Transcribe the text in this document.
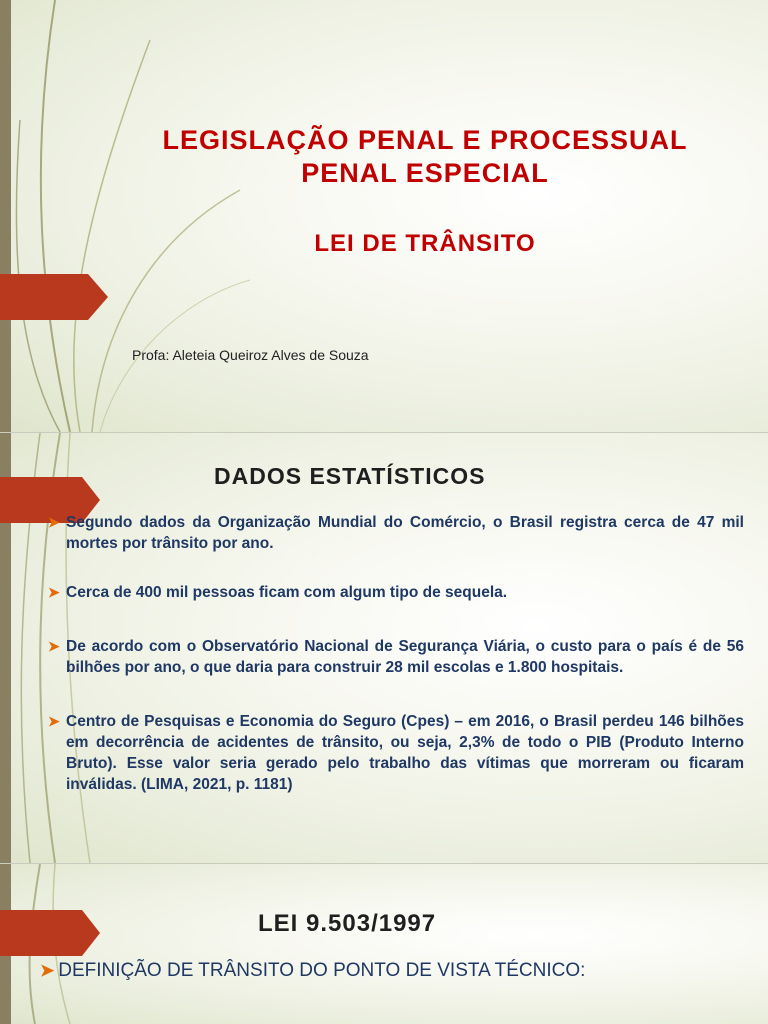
LEGISLAÇÃO PENAL E PROCESSUAL

PENAL ESPECIAL

LEI DE TRÂNSITO

Profa: Aleteia Queiroz Alves de Souza

DADOS ESTATÍSTICOS

➤ Segundo dados da Organização Mundial do Comércio, o Brasil registra cerca de 47 mil mortes por trânsito por ano.
➤ Cerca de 400 mil pessoas ficam com algum tipo de sequela.
➤ De acordo com o Observatório Nacional de Segurança Viária, o custo para o país é de 56 bilhões por ano, o que daria para construir 28 mil escolas e 1.800 hospitais.
➤ Centro de Pesquisas e Economia do Seguro (Cpes) – em 2016, o Brasil perdeu 146 bilhões em decorrência de acidentes de trânsito, ou seja, 2,3% de todo o PIB (Produto Interno Bruto). Esse valor seria gerado pelo trabalho das vítimas que morreram ou ficaram inválidas. (LIMA, 2021, p. 1181)

LEI 9.503/1997

➤ DEFINIÇÃO DE TRÂNSITO DO PONTO DE VISTA TÉCNICO:
